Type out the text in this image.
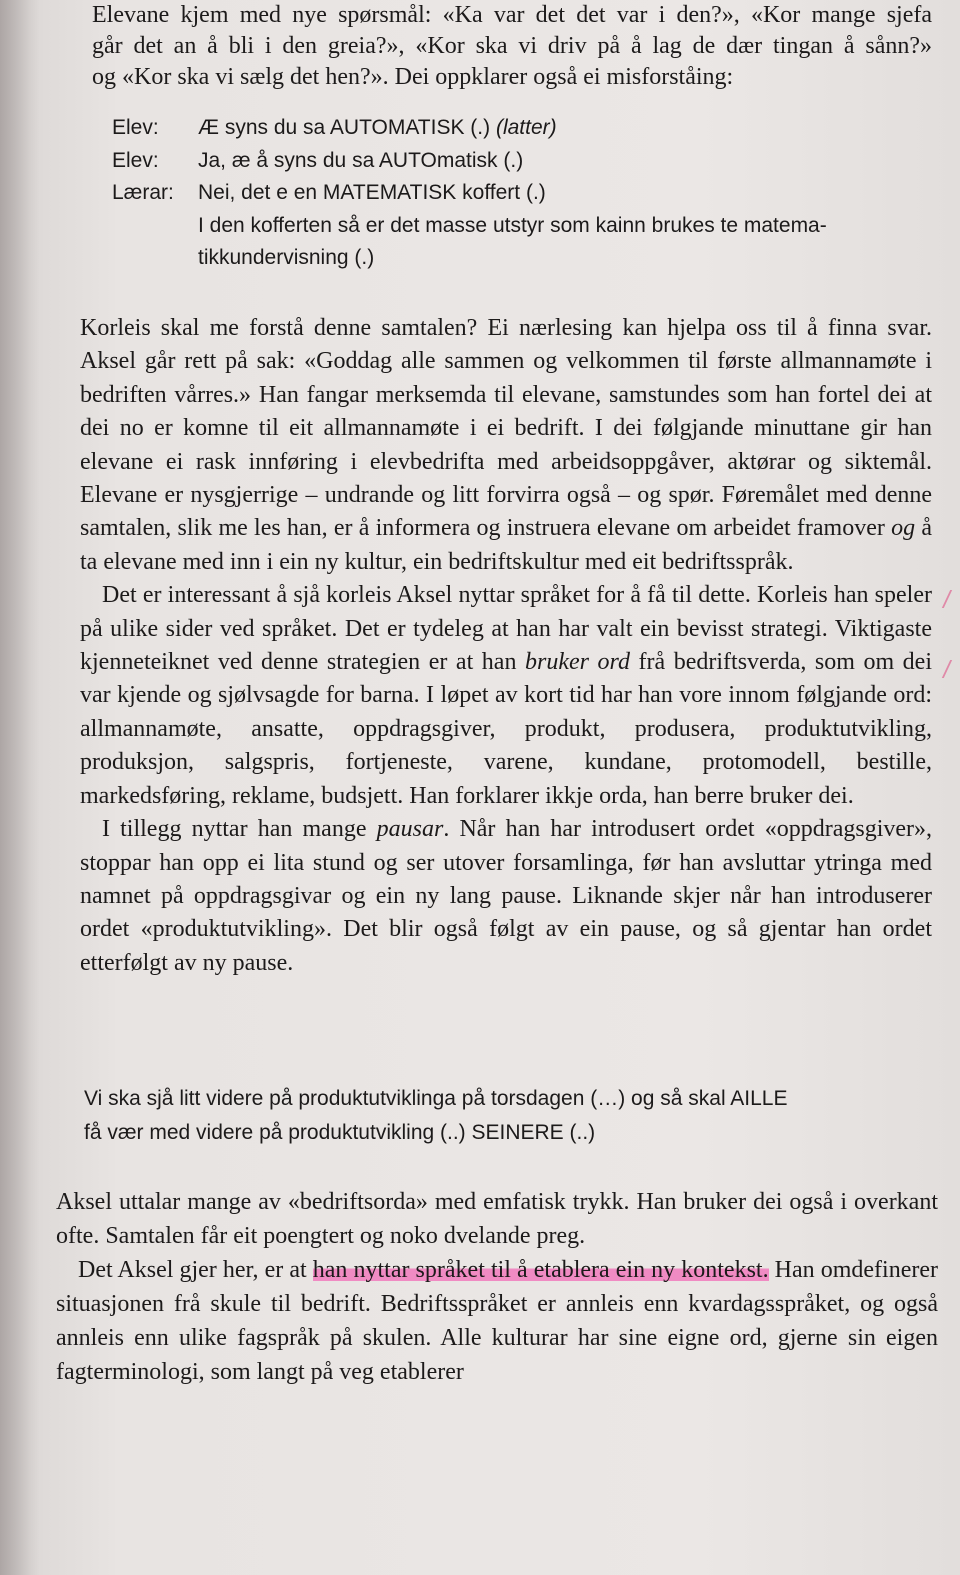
Elevane kjem med nye spørsmål: «Ka var det det var i den?», «Kor mange sjefa

går det an å bli i den greia?», «Kor ska vi driv på å lag de dær tingan å sånn?»

og «Kor ska vi sælg det hen?». Dei oppklarer også ei misforståing:

Elev:	Æ syns du sa AUTOMATISK (.) (latter)
Elev:	Ja, æ å syns du sa AUTOmatisk (.)
Lærar:	Nei, det e en MATEMATISK koffert (.)
I den kofferten så er det masse utstyr som kainn brukes te matema-
tikkundervisning (.)

Korleis skal me forstå denne samtalen? Ei nærlesing kan hjelpa oss til å finna svar. Aksel går rett på sak: «Goddag alle sammen og velkommen til første allmannamøte i bedriften vårres.» Han fangar merksemda til elevane, samstundes som han fortel dei at dei no er komne til eit allmannamøte i ei bedrift. I dei følgjande minuttane gir han elevane ei rask innføring i elevbedrifta med arbeidsoppgåver, aktørar og siktemål. Elevane er nysgjerrige – undrande og litt forvirra også – og spør. Føremålet med denne samtalen, slik me les han, er å informera og instruera elevane om arbeidet framover og å ta elevane med inn i ein ny kultur, ein bedriftskultur med eit bedriftsspråk.

Det er interessant å sjå korleis Aksel nyttar språket for å få til dette. Korleis han speler på ulike sider ved språket. Det er tydeleg at han har valt ein bevisst strategi. Viktigaste kjenneteiknet ved denne strategien er at han bruker ord frå bedriftsverda, som om dei var kjende og sjølvsagde for barna. I løpet av kort tid har han vore innom følgjande ord: allmannamøte, ansatte, oppdragsgiver, produkt, produsera, produktutvikling, produksjon, salgspris, fortjeneste, varene, kundane, protomodell, bestille, markedsføring, reklame, budsjett. Han forklarer ikkje orda, han berre bruker dei.

I tillegg nyttar han mange pausar. Når han har introdusert ordet «oppdragsgiver», stoppar han opp ei lita stund og ser utover forsamlinga, før han avsluttar ytringa med namnet på oppdragsgivar og ein ny lang pause. Liknande skjer når han introduserer ordet «produktutvikling». Det blir også følgt av ein pause, og så gjentar han ordet etterfølgt av ny pause.

Vi ska sjå litt videre på produktutviklinga på torsdagen (…) og så skal AILLE
få vær med videre på produktutvikling (..) SEINERE (..)

Aksel uttalar mange av «bedriftsorda» med emfatisk trykk. Han bruker dei også i overkant ofte. Samtalen får eit poengtert og noko dvelande preg.

Det Aksel gjer her, er at han nyttar språket til å etablera ein ny kontekst. Han omdefinerer situasjonen frå skule til bedrift. Bedriftsspråket er annleis enn kvardagsspråket, og også annleis enn ulike fagspråk på skulen. Alle kulturar har sine eigne ord, gjerne sin eigen fagterminologi, som langt på veg etablerer
